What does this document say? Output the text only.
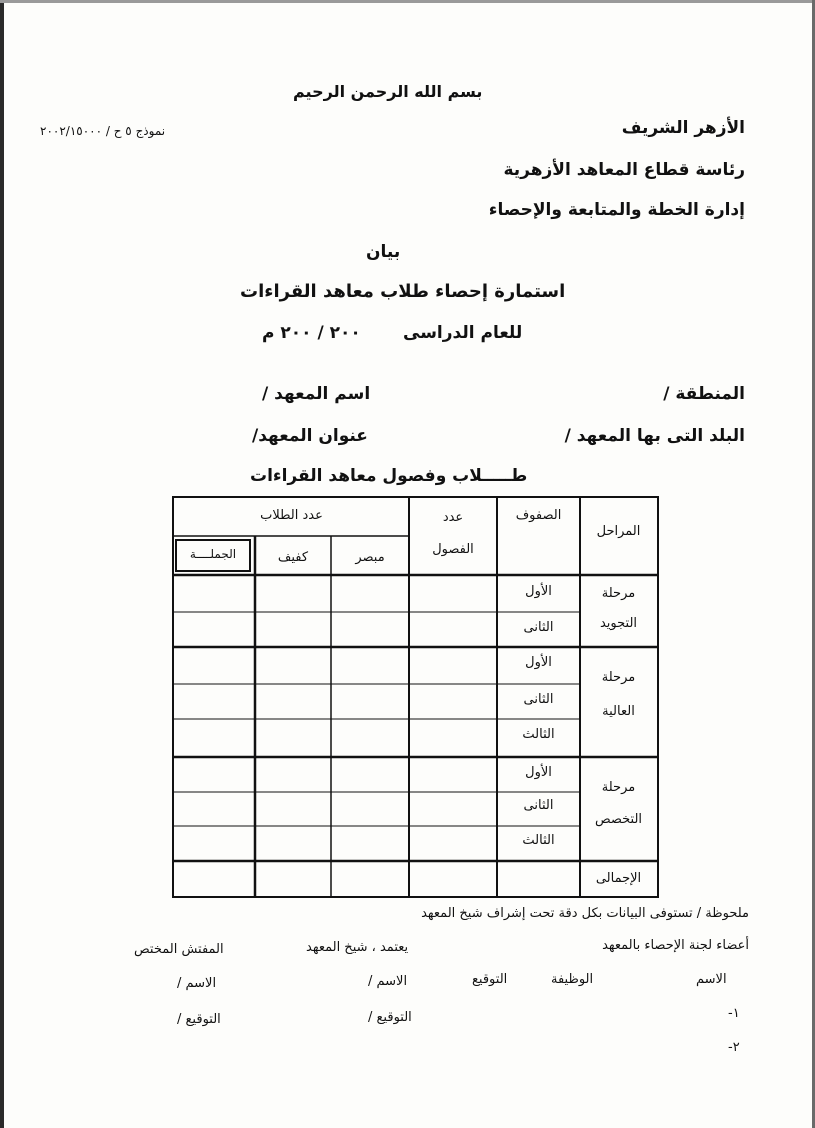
بسم الله الرحمن الرحيم
الأزهر الشريف
رئاسة قطاع المعاهد الأزهرية
إدارة الخطة والمتابعة والإحصاء
نموذج ٥ ح / ٢٠٠٢/١٥٠٠٠
بيان
استمارة إحصاء طلاب معاهد القراءات
للعام الدراسى
٢٠٠ / ٢٠٠ م
المنطقة /
اسم المعهد /
البلد التى بها المعهد /
عنوان المعهد/
طـــــلاب وفصول معاهد القراءات
المراحل
الصفوف
عدد
الفصول
عدد الطلاب
مبصر
كفيف
الجملــــة
مرحلة
التجويد
الأول
الثانى
مرحلة
العالية
الأول
الثانى
الثالث
مرحلة
التخصص
الأول
الثانى
الثالث
الإجمالى
ملحوظة / تستوفى البيانات بكل دقة تحت إشراف شيخ المعهد
أعضاء لجنة الإحصاء بالمعهد
الاسم
الوظيفة
التوقيع
١-
٢-
يعتمد ، شيخ المعهد
الاسم /
التوقيع /
المفتش المختص
الاسم /
التوقيع /
